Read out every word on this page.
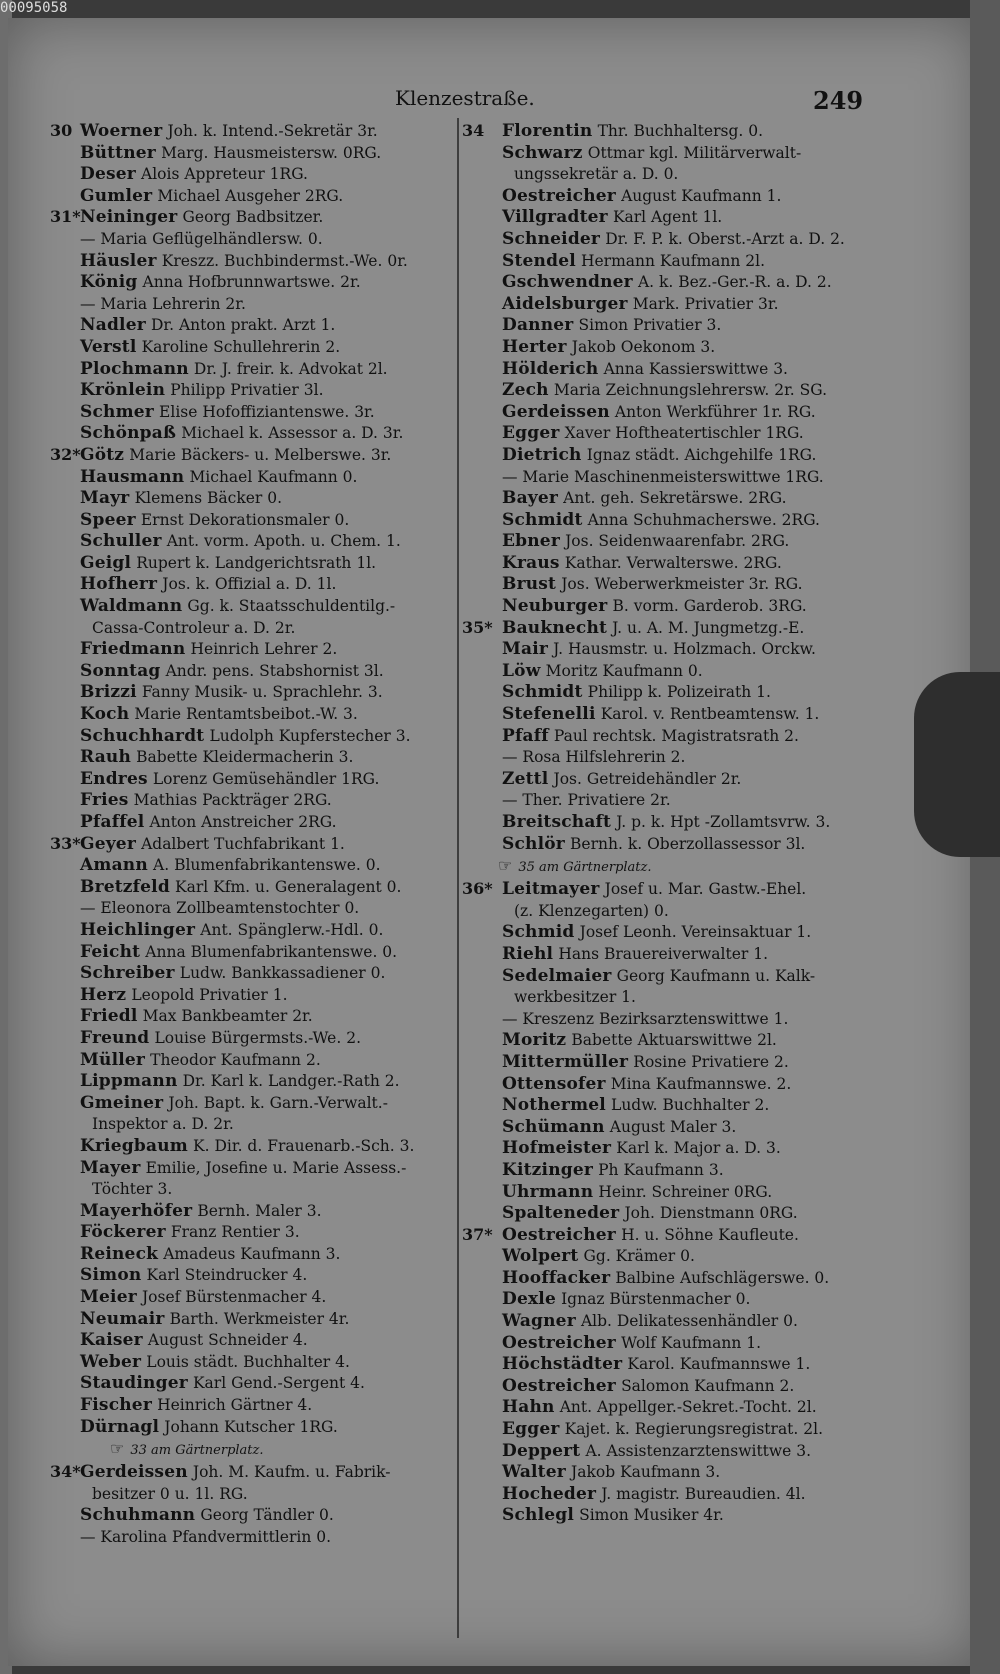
00095058
Klenzestraße.	249
30 Woerner Joh. k. Intend.-Sekretär 3r.
Büttner Marg. Hausmeistersw. 0RG.
Deser Alois Appreteur 1RG.
Gumler Michael Ausgeher 2RG.
31* Neininger Georg Badbsitzer.
— Maria Geflügelhändlersw. 0.
Häusler Kreszz. Buchbindermst.-We. 0r.
König Anna Hofbrunnwartswe. 2r.
— Maria Lehrerin 2r.
Nadler Dr. Anton prakt. Arzt 1.
Verstl Karoline Schullehrerin 2.
Plochmann Dr. J. freir. k. Advokat 2l.
Krönlein Philipp Privatier 3l.
Schmer Elise Hofoffiziantenswe. 3r.
Schönpaß Michael k. Assessor a. D. 3r.
32* Götz Marie Bäckers- u. Melberswe. 3r.
Hausmann Michael Kaufmann 0.
Mayr Klemens Bäcker 0.
Speer Ernst Dekorationsmaler 0.
Schuller Ant. vorm. Apoth. u. Chem. 1.
Geigl Rupert k. Landgerichtsrath 1l.
Hofherr Jos. k. Offizial a. D. 1l.
Waldmann Gg. k. Staatsschuldentilg.-
Cassa-Controleur a. D. 2r.
Friedmann Heinrich Lehrer 2.
Sonntag Andr. pens. Stabshornist 3l.
Brizzi Fanny Musik- u. Sprachlehr. 3.
Koch Marie Rentamtsbeibot.-W. 3.
Schuchhardt Ludolph Kupferstecher 3.
Rauh Babette Kleidermacherin 3.
Endres Lorenz Gemüsehändler 1RG.
Fries Mathias Packträger 2RG.
Pfaffel Anton Anstreicher 2RG.
33* Geyer Adalbert Tuchfabrikant 1.
Amann A. Blumenfabrikantenswe. 0.
Bretzfeld Karl Kfm. u. Generalagent 0.
— Eleonora Zollbeamtenstochter 0.
Heichlinger Ant. Spänglerw.-Hdl. 0.
Feicht Anna Blumenfabrikantenswe. 0.
Schreiber Ludw. Bankkassadiener 0.
Herz Leopold Privatier 1.
Friedl Max Bankbeamter 2r.
Freund Louise Bürgermsts.-We. 2.
Müller Theodor Kaufmann 2.
Lippmann Dr. Karl k. Landger.-Rath 2.
Gmeiner Joh. Bapt. k. Garn.-Verwalt.-
Inspektor a. D. 2r.
Kriegbaum K. Dir. d. Frauenarb.-Sch. 3.
Mayer Emilie, Josefine u. Marie Assess.-
Töchter 3.
Mayerhöfer Bernh. Maler 3.
Föckerer Franz Rentier 3.
Reineck Amadeus Kaufmann 3.
Simon Karl Steindrucker 4.
Meier Josef Bürstenmacher 4.
Neumair Barth. Werkmeister 4r.
Kaiser August Schneider 4.
Weber Louis städt. Buchhalter 4.
Staudinger Karl Gend.-Sergent 4.
Fischer Heinrich Gärtner 4.
Dürnagl Johann Kutscher 1RG.
☞ 33 am Gärtnerplatz.
34* Gerdeissen Joh. M. Kaufm. u. Fabrik-
besitzer 0 u. 1l. RG.
Schuhmann Georg Tändler 0.
— Karolina Pfandvermittlerin 0.
34	Florentin Thr. Buchhaltersg. 0.
Schwarz Ottmar kgl. Militärverwalt-
ungssekretär a. D. 0.
Oestreicher August Kaufmann 1.
Villgradter Karl Agent 1l.
Schneider Dr. F. P. k. Oberst.-Arzt a. D. 2.
Stendel Hermann Kaufmann 2l.
Gschwendner A. k. Bez.-Ger.-R. a. D. 2.
Aidelsburger Mark. Privatier 3r.
Danner Simon Privatier 3.
Herter Jakob Oekonom 3.
Hölderich Anna Kassierswittwe 3.
Zech Maria Zeichnungslehrersw. 2r. SG.
Gerdeissen Anton Werkführer 1r. RG.
Egger Xaver Hoftheatertischler 1RG.
Dietrich Ignaz städt. Aichgehilfe 1RG.
— Marie Maschinenmeisterswittwe 1RG.
Bayer Ant. geh. Sekretärswe. 2RG.
Schmidt Anna Schuhmacherswe. 2RG.
Ebner Jos. Seidenwaarenfabr. 2RG.
Kraus Kathar. Verwalterswe. 2RG.
Brust Jos. Weberwerkmeister 3r. RG.
Neuburger B. vorm. Garderob. 3RG.
35* Bauknecht J. u. A. M. Jungmetzg.-E.
Mair J. Hausmstr. u. Holzmach. Orckw.
Löw Moritz Kaufmann 0.
Schmidt Philipp k. Polizeirath 1.
Stefenelli Karol. v. Rentbeamtensw. 1.
Pfaff Paul rechtsk. Magistratsrath 2.
— Rosa Hilfslehrerin 2.
Zettl Jos. Getreidehändler 2r.
— Ther. Privatiere 2r.
Breitschaft J. p. k. Hpt -Zollamtsvrw. 3.
Schlör Bernh. k. Oberzollassessor 3l.
☞ 35 am Gärtnerplatz.
36* Leitmayer Josef u. Mar. Gastw.-Ehel.
(z. Klenzegarten) 0.
Schmid Josef Leonh. Vereinsaktuar 1.
Riehl Hans Brauereiverwalter 1.
Sedelmaier Georg Kaufmann u. Kalk-
werkbesitzer 1.
— Kreszenz Bezirksarztenswittwe 1.
Moritz Babette Aktuarswittwe 2l.
Mittermüller Rosine Privatiere 2.
Ottensofer Mina Kaufmannswe. 2.
Nothermel Ludw. Buchhalter 2.
Schümann August Maler 3.
Hofmeister Karl k. Major a. D. 3.
Kitzinger Ph Kaufmann 3.
Uhrmann Heinr. Schreiner 0RG.
Spalteneder Joh. Dienstmann 0RG.
37* Oestreicher H. u. Söhne Kaufleute.
Wolpert Gg. Krämer 0.
Hooffacker Balbine Aufschlägerswe. 0.
Dexle Ignaz Bürstenmacher 0.
Wagner Alb. Delikatessenhändler 0.
Oestreicher Wolf Kaufmann 1.
Höchstädter Karol. Kaufmannswe 1.
Oestreicher Salomon Kaufmann 2.
Hahn Ant. Appellger.-Sekret.-Tocht. 2l.
Egger Kajet. k. Regierungsregistrat. 2l.
Deppert A. Assistenzarztenswittwe 3.
Walter Jakob Kaufmann 3.
Hocheder J. magistr. Bureaudien. 4l.
Schlegl Simon Musiker 4r.
